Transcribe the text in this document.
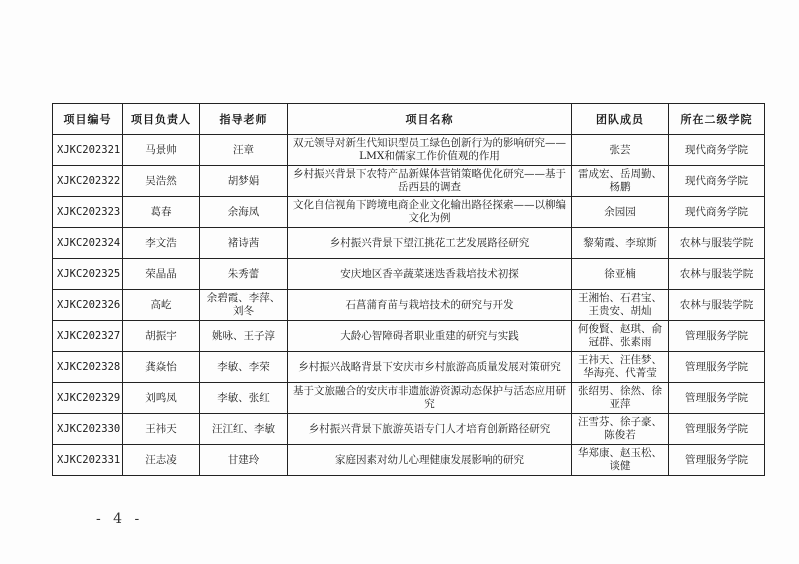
项目编号	项目负责人	指导老师	项目名称	团队成员	所在二级学院
XJKC202321	马景帅	汪章	双元领导对新生代知识型员工绿色创新行为的影响研究——LMX和儒家工作价值观的作用	张芸	现代商务学院
XJKC202322	吴浩然	胡梦娟	乡村振兴背景下农特产品新媒体营销策略优化研究——基于岳西县的调查	雷成宏、岳周勤、杨鹏	现代商务学院
XJKC202323	葛春	余海凤	文化自信视角下跨境电商企业文化输出路径探索——以柳编文化为例	余园园	现代商务学院
XJKC202324	李文浩	褚诗茜	乡村振兴背景下望江挑花工艺发展路径研究	黎菊霞、李琼斯	农林与服装学院
XJKC202325	荣晶晶	朱秀蕾	安庆地区香辛蔬菜迷迭香栽培技术初探	徐亚楠	农林与服装学院
XJKC202326	高屹	余碧霞、李萍、刘冬	石菖蒲育苗与栽培技术的研究与开发	王湘怡、石君宝、王贵安、胡灿	农林与服装学院
XJKC202327	胡振宇	姚咏、王子淳	大龄心智障碍者职业重建的研究与实践	何俊賢、赵琪、俞冠群、张素雨	管理服务学院
XJKC202328	龚焱怡	李敏、李荣	乡村振兴战略背景下安庆市乡村旅游高质量发展对策研究	王祎天、汪佳梦、华海亮、代菁莹	管理服务学院
XJKC202329	刘鸣凤	李敏、张红	基于文旅融合的安庆市非遗旅游资源动态保护与活态应用研究	张绍男、徐然、徐亚萍	管理服务学院
XJKC202330	王祎天	汪江红、李敏	乡村振兴背景下旅游英语专门人才培育创新路径研究	汪雪芬、徐子豪、陈俊若	管理服务学院
XJKC202331	汪志凌	甘建玲	家庭因素对幼儿心理健康发展影响的研究	华郑康、赵玉松、谈健	管理服务学院
- 4 -
